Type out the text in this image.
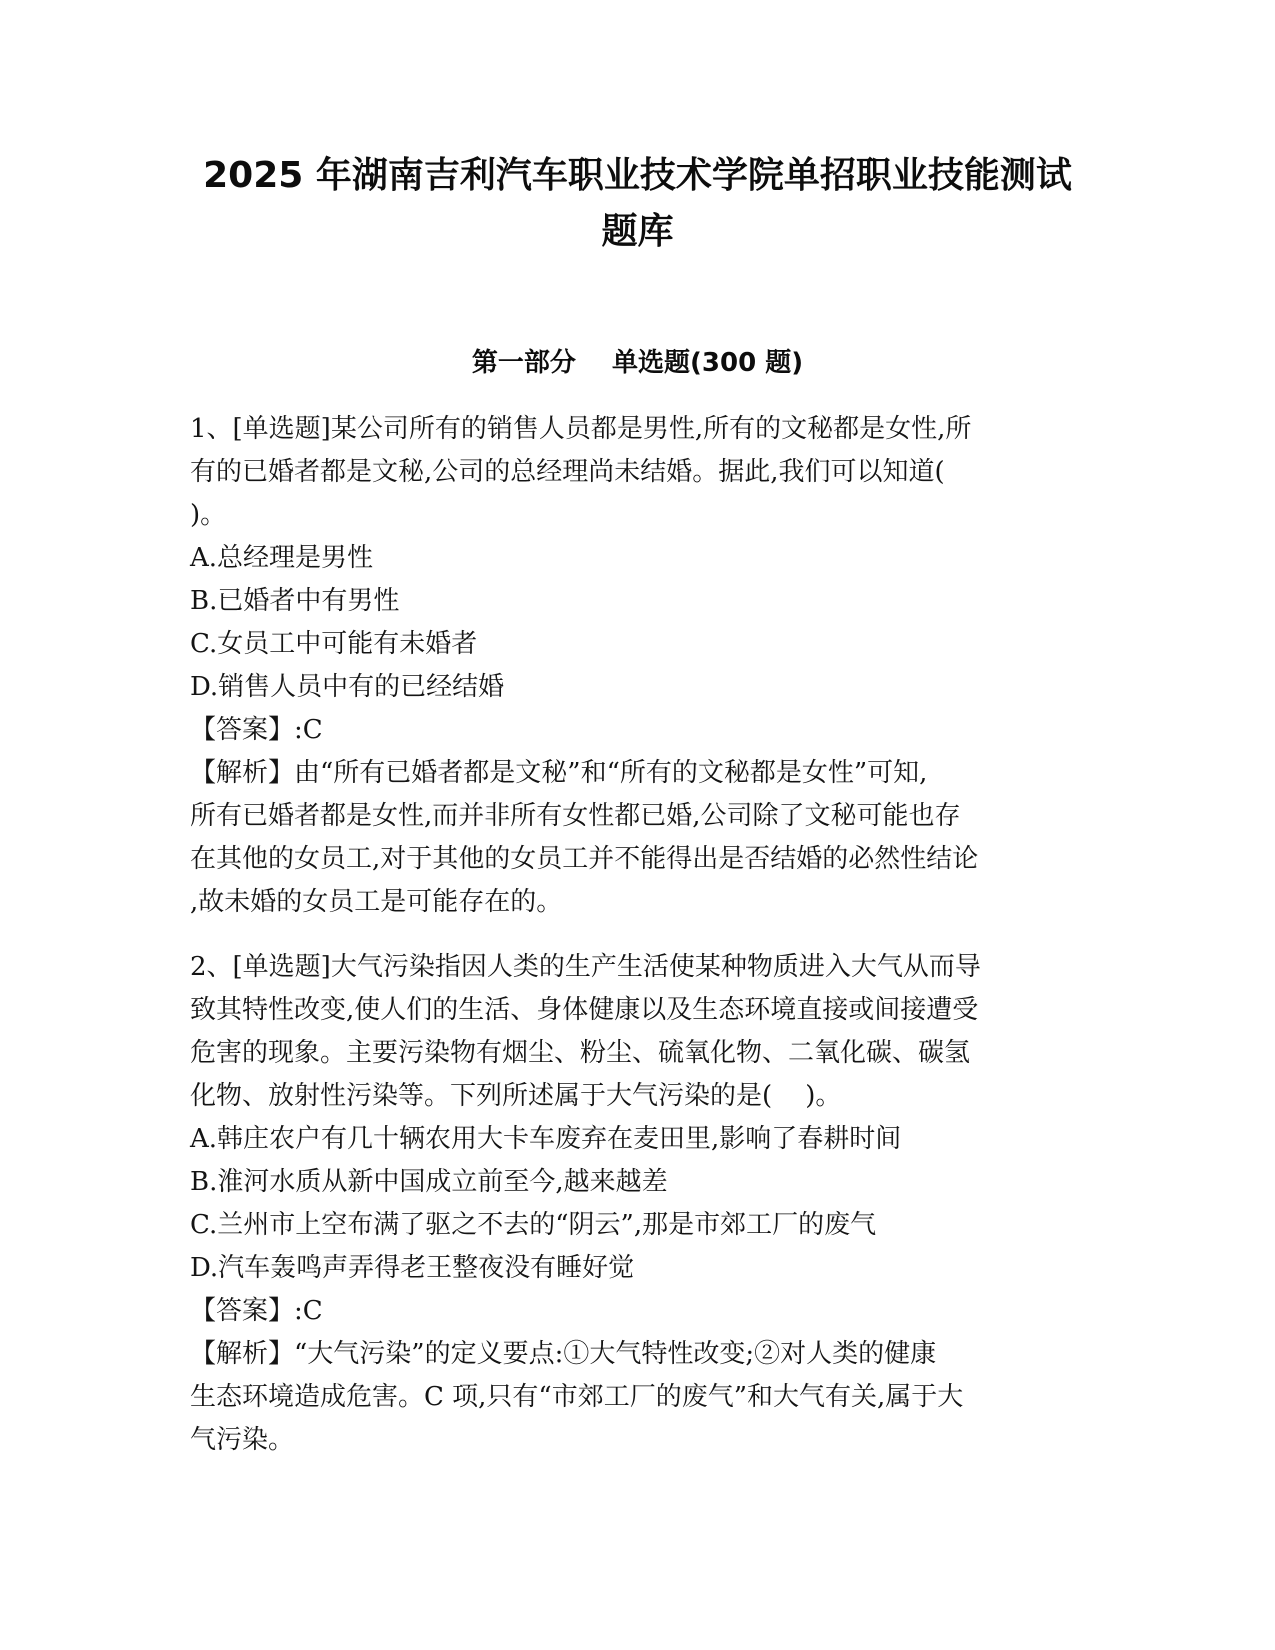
2025 年湖南吉利汽车职业技术学院单招职业技能测试
题库
第一部分    单选题(300 题)
1、[单选题]某公司所有的销售人员都是男性,所有的文秘都是女性,所
有的已婚者都是文秘,公司的总经理尚未结婚。据此,我们可以知道(
)。
A.总经理是男性
B.已婚者中有男性
C.女员工中可能有未婚者
D.销售人员中有的已经结婚
【答案】:C
【解析】由“所有已婚者都是文秘”和“所有的文秘都是女性”可知,
所有已婚者都是女性,而并非所有女性都已婚,公司除了文秘可能也存
在其他的女员工,对于其他的女员工并不能得出是否结婚的必然性结论
,故未婚的女员工是可能存在的。
2、[单选题]大气污染指因人类的生产生活使某种物质进入大气从而导
致其特性改变,使人们的生活、身体健康以及生态环境直接或间接遭受
危害的现象。主要污染物有烟尘、粉尘、硫氧化物、二氧化碳、碳氢
化物、放射性污染等。下列所述属于大气污染的是(    )。
A.韩庄农户有几十辆农用大卡车废弃在麦田里,影响了春耕时间
B.淮河水质从新中国成立前至今,越来越差
C.兰州市上空布满了驱之不去的“阴云”,那是市郊工厂的废气
D.汽车轰鸣声弄得老王整夜没有睡好觉
【答案】:C
【解析】“大气污染”的定义要点:①大气特性改变;②对人类的健康
生态环境造成危害。C 项,只有“市郊工厂的废气”和大气有关,属于大
气污染。
